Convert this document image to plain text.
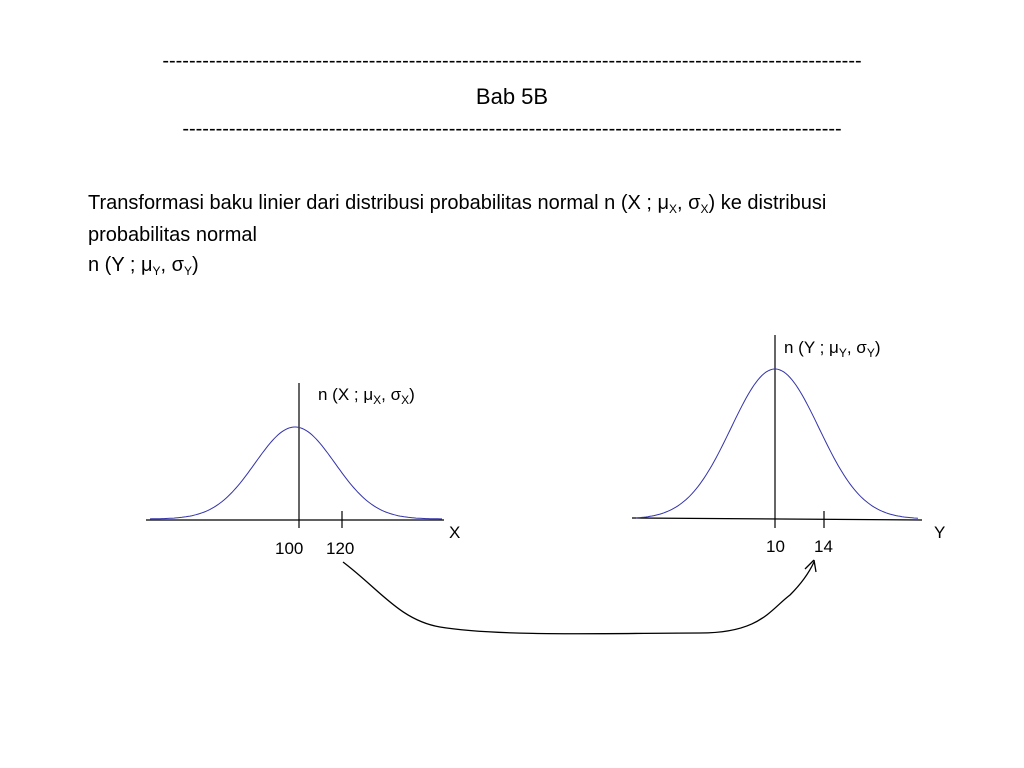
---------------------------------------------------------------------------------------------------------
Bab 5B
---------------------------------------------------------------------------------------------------
Transformasi baku linier dari distribusi probabilitas normal n (X ; $\mu_X$, $\sigma_X$) ke distribusi
probabilitas normal
n (Y ; $\mu_Y$, $\sigma_Y$)
n (X ; $\mu_X$, $\sigma_X$)
X
100 120
n (Y ; $\mu_Y$, $\sigma_Y$)
Y
10 14
